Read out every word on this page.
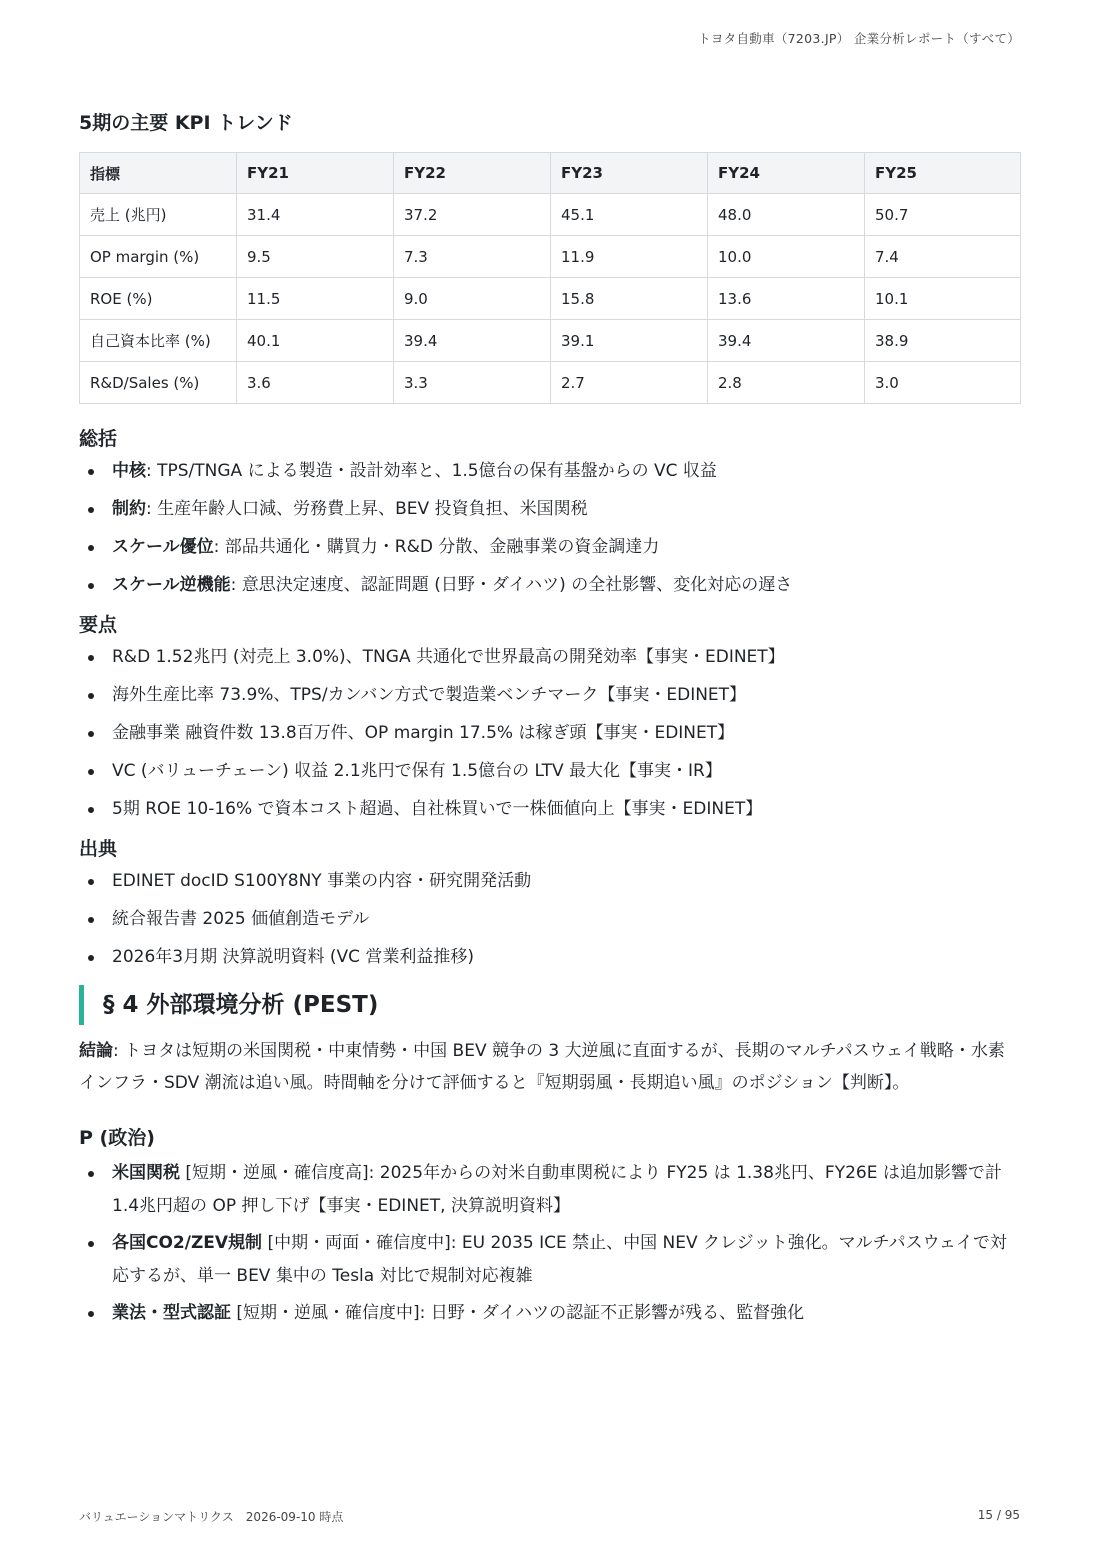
トヨタ自動車（7203.JP） 企業分析レポート（すべて）
5期の主要 KPI トレンド
指標	FY21	FY22	FY23	FY24	FY25
売上 (兆円)	31.4	37.2	45.1	48.0	50.7
OP margin (%)	9.5	7.3	11.9	10.0	7.4
ROE (%)	11.5	9.0	15.8	13.6	10.1
自己資本比率 (%)	40.1	39.4	39.1	39.4	38.9
R&D/Sales (%)	3.6	3.3	2.7	2.8	3.0
総括
中核: TPS/TNGA による製造・設計効率と、1.5億台の保有基盤からの VC 収益
制約: 生産年齢人口減、労務費上昇、BEV 投資負担、米国関税
スケール優位: 部品共通化・購買力・R&D 分散、金融事業の資金調達力
スケール逆機能: 意思決定速度、認証問題 (日野・ダイハツ) の全社影響、変化対応の遅さ
要点
R&D 1.52兆円 (対売上 3.0%)、TNGA 共通化で世界最高の開発効率【事実・EDINET】
海外生産比率 73.9%、TPS/カンバン方式で製造業ベンチマーク【事実・EDINET】
金融事業 融資件数 13.8百万件、OP margin 17.5% は稼ぎ頭【事実・EDINET】
VC (バリューチェーン) 収益 2.1兆円で保有 1.5億台の LTV 最大化【事実・IR】
5期 ROE 10-16% で資本コスト超過、自社株買いで一株価値向上【事実・EDINET】
出典
EDINET docID S100Y8NY 事業の内容・研究開発活動
統合報告書 2025 価値創造モデル
2026年3月期 決算説明資料 (VC 営業利益推移)
§ 4 外部環境分析 (PEST)
結論: トヨタは短期の米国関税・中東情勢・中国 BEV 競争の 3 大逆風に直面するが、長期のマルチパスウェイ戦略・水素インフラ・SDV 潮流は追い風。時間軸を分けて評価すると『短期弱風・長期追い風』のポジション【判断】。
P (政治)
米国関税 [短期・逆風・確信度高]: 2025年からの対米自動車関税により FY25 は 1.38兆円、FY26E は追加影響で計 1.4兆円超の OP 押し下げ【事実・EDINET, 決算説明資料】
各国CO2/ZEV規制 [中期・両面・確信度中]: EU 2035 ICE 禁止、中国 NEV クレジット強化。マルチパスウェイで対応するが、単一 BEV 集中の Tesla 対比で規制対応複雑
業法・型式認証 [短期・逆風・確信度中]: 日野・ダイハツの認証不正影響が残る、監督強化
バリュエーションマトリクス　2026-09-10 時点	15 / 95
